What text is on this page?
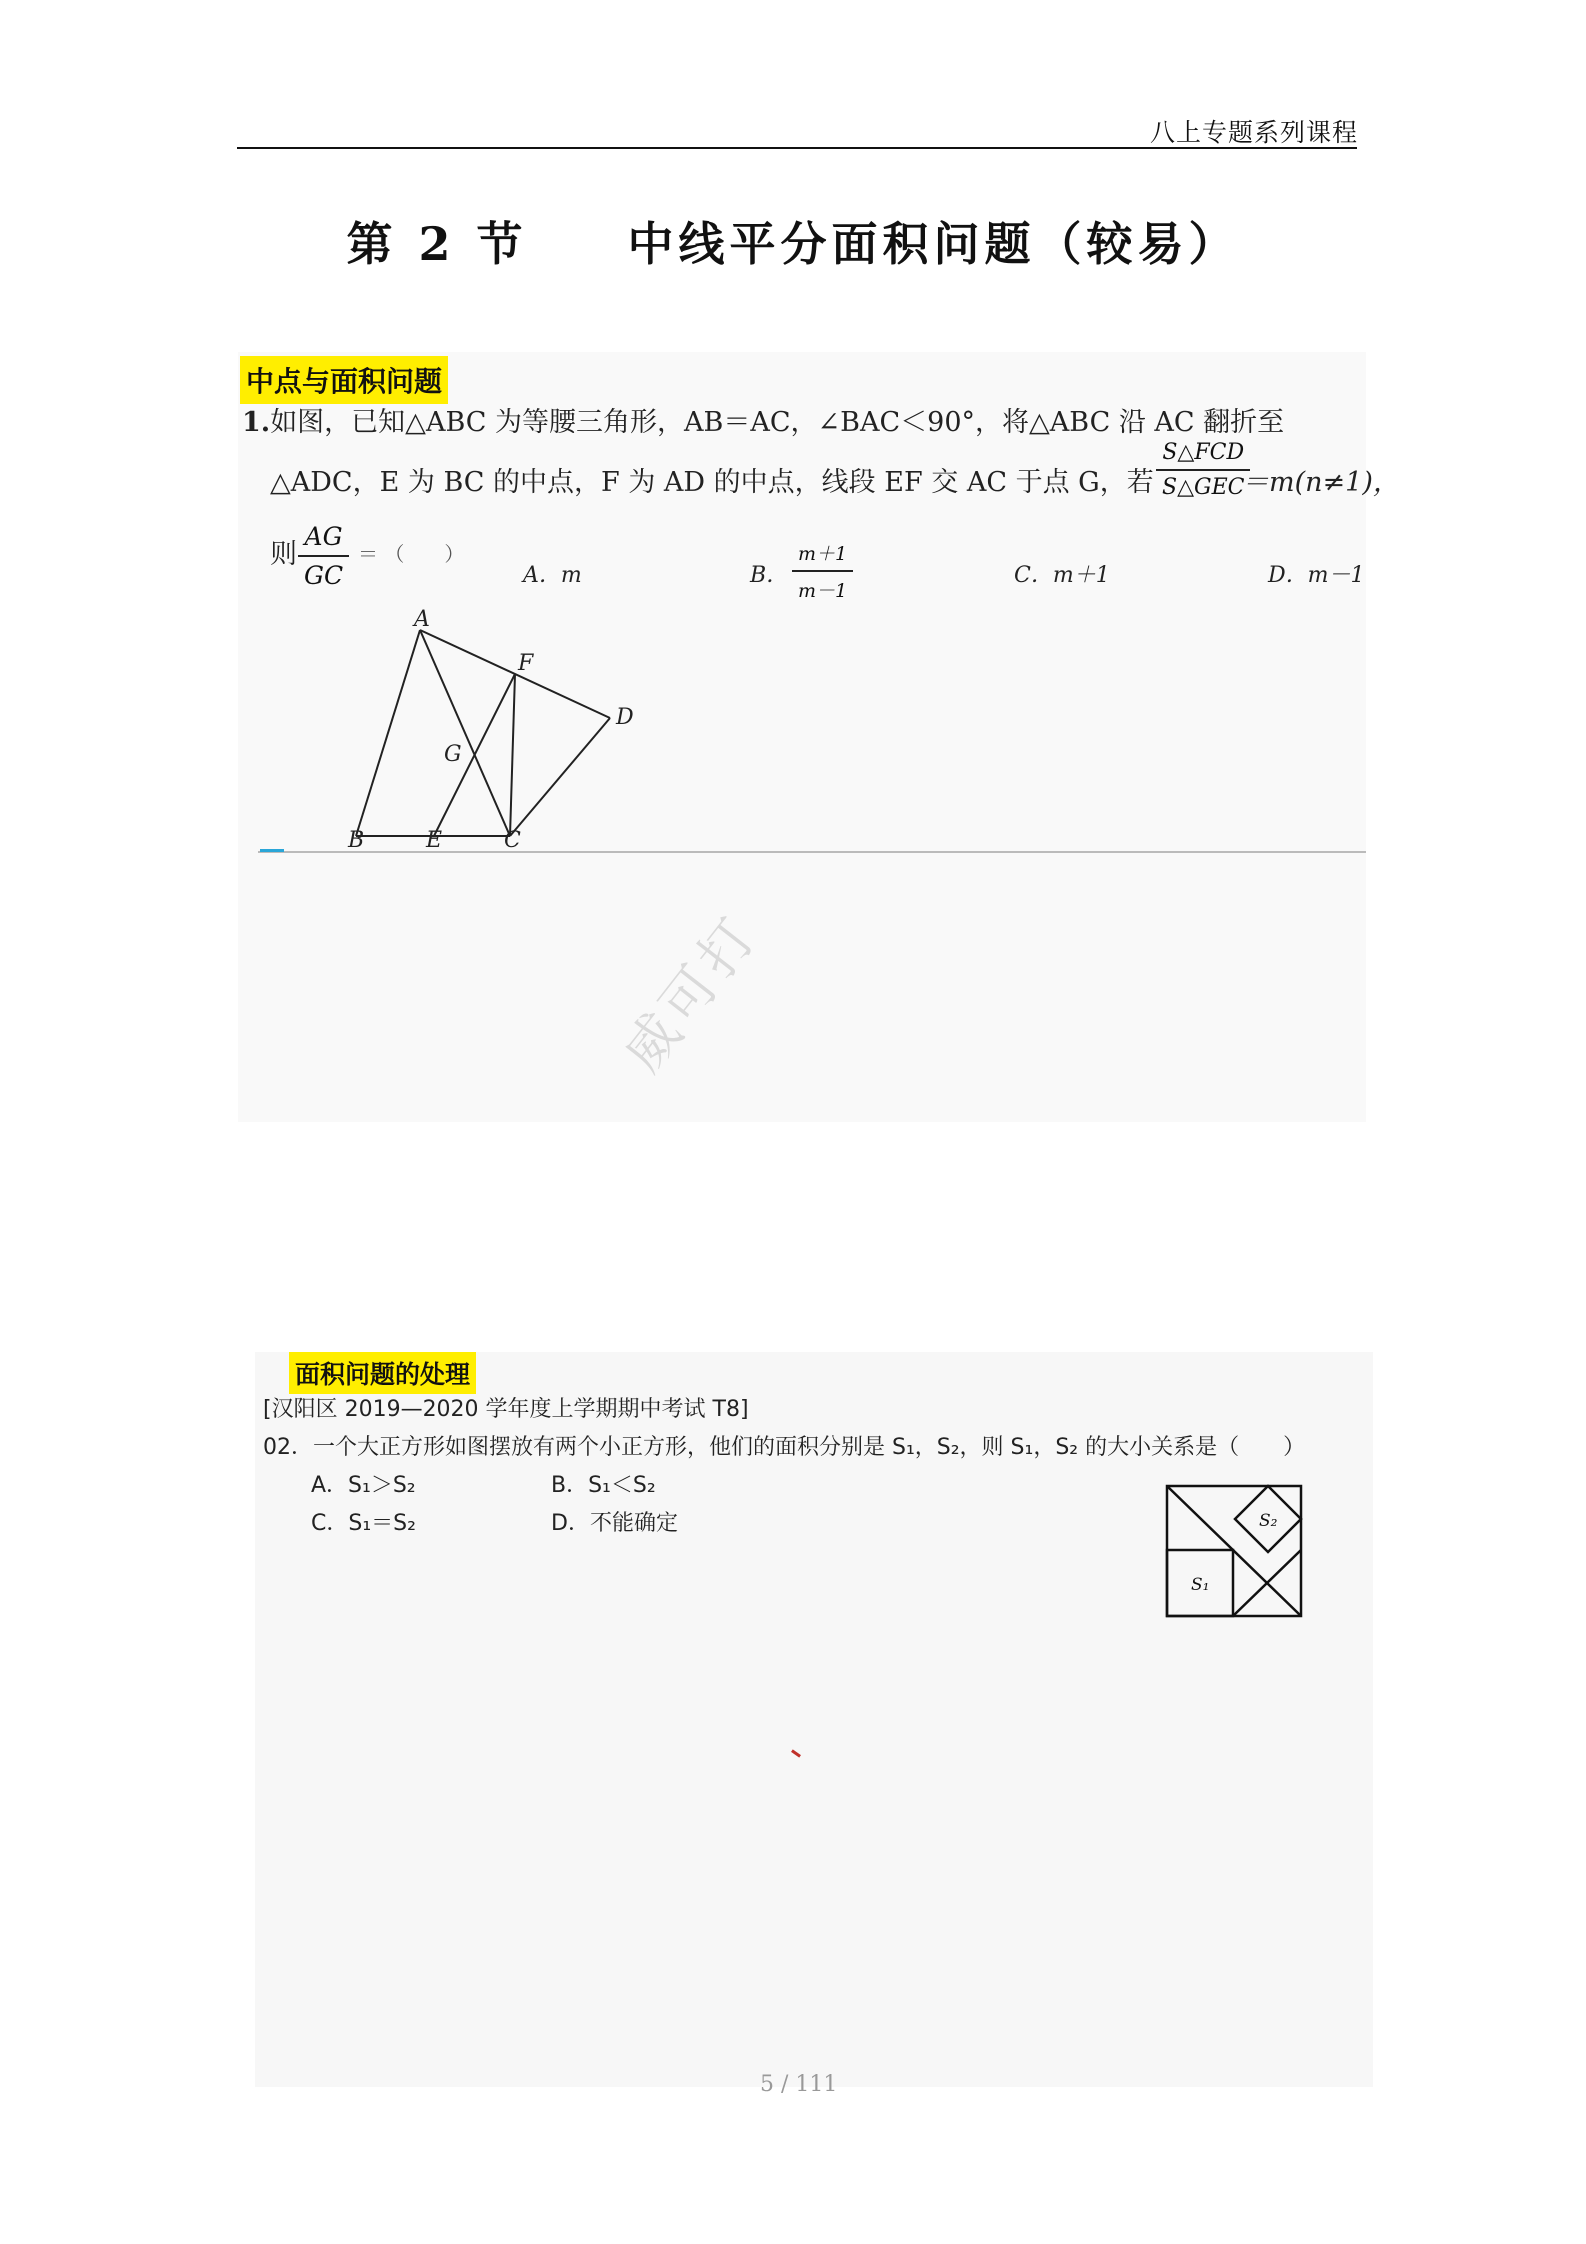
八上专题系列课程
第 2 节 中线平分面积问题（较易）
中点与面积问题
1.如图，已知△ABC 为等腰三角形，AB＝AC，∠BAC＜90°，将△ABC 沿 AC 翻折至
△ADC，E 为 BC 的中点，F 为 AD 的中点，线段 EF 交 AC 于点 G，若
S△FCD
S△GEC
＝m(n≠1)，
则 $\frac{AG}{GC}$ ＝ （　　）
A．m	B． $\frac{m+1}{m-1}$	C．m＋1	D．m－1
A
B	C
D
E
F
G
威可打
面积问题的处理
[汉阳区 2019—2020 学年度上学期期中考试 T8]
02．一个大正方形如图摆放有两个小正方形，他们的面积分别是 S₁，S₂，则 S₁，S₂ 的大小关系是（　　）
A．S₁＞S₂	B．S₁＜S₂
C．S₁＝S₂	D．不能确定
S₁
S₂
5 / 111
